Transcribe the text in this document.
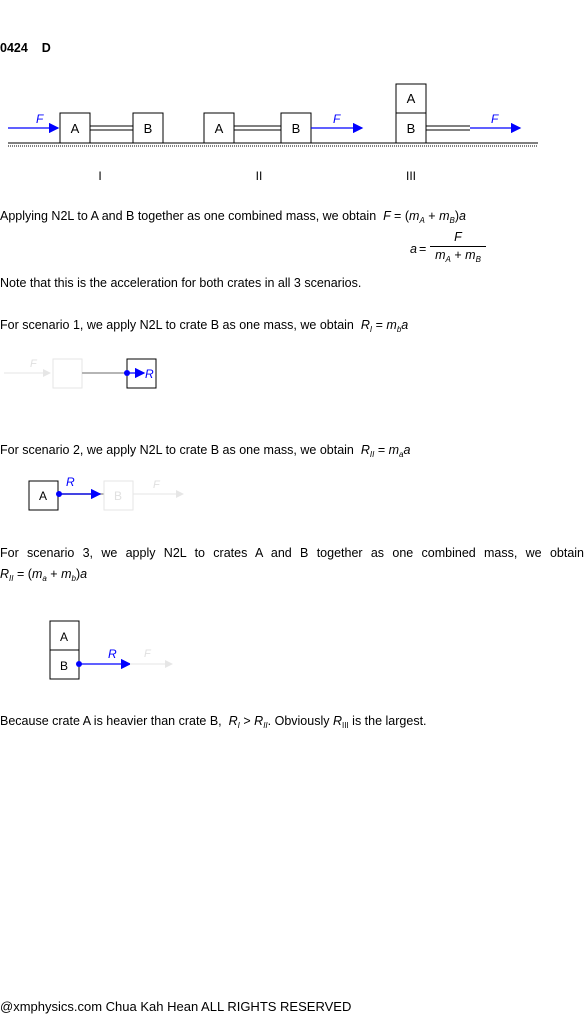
0424 D
F
A	B
I
A	B
F
II
A
B
F
III
Applying N2L to A and B together as one combined mass, we obtain $F = (m_A + m_B)a$
a =
F
$m_A + m_B$
Note that this is the acceleration for both crates in all 3 scenarios.
For scenario 1, we apply N2L to crate B as one mass, we obtain $R_I = m_ba$
F
R
For scenario 2, we apply N2L to crate B as one mass, we obtain $R_{II} = m_aa$
A
R
B
F
For scenario 3, we apply N2L to crates A and B together as one combined mass, we obtain
$R_{II} = (m_a + m_b)a$
A
B
R F
Because crate A is heavier than crate B, $R_I > R_{II}$. Obviously $R_{III}$ is the largest.
@xmphysics.com Chua Kah Hean ALL RIGHTS RESERVED
